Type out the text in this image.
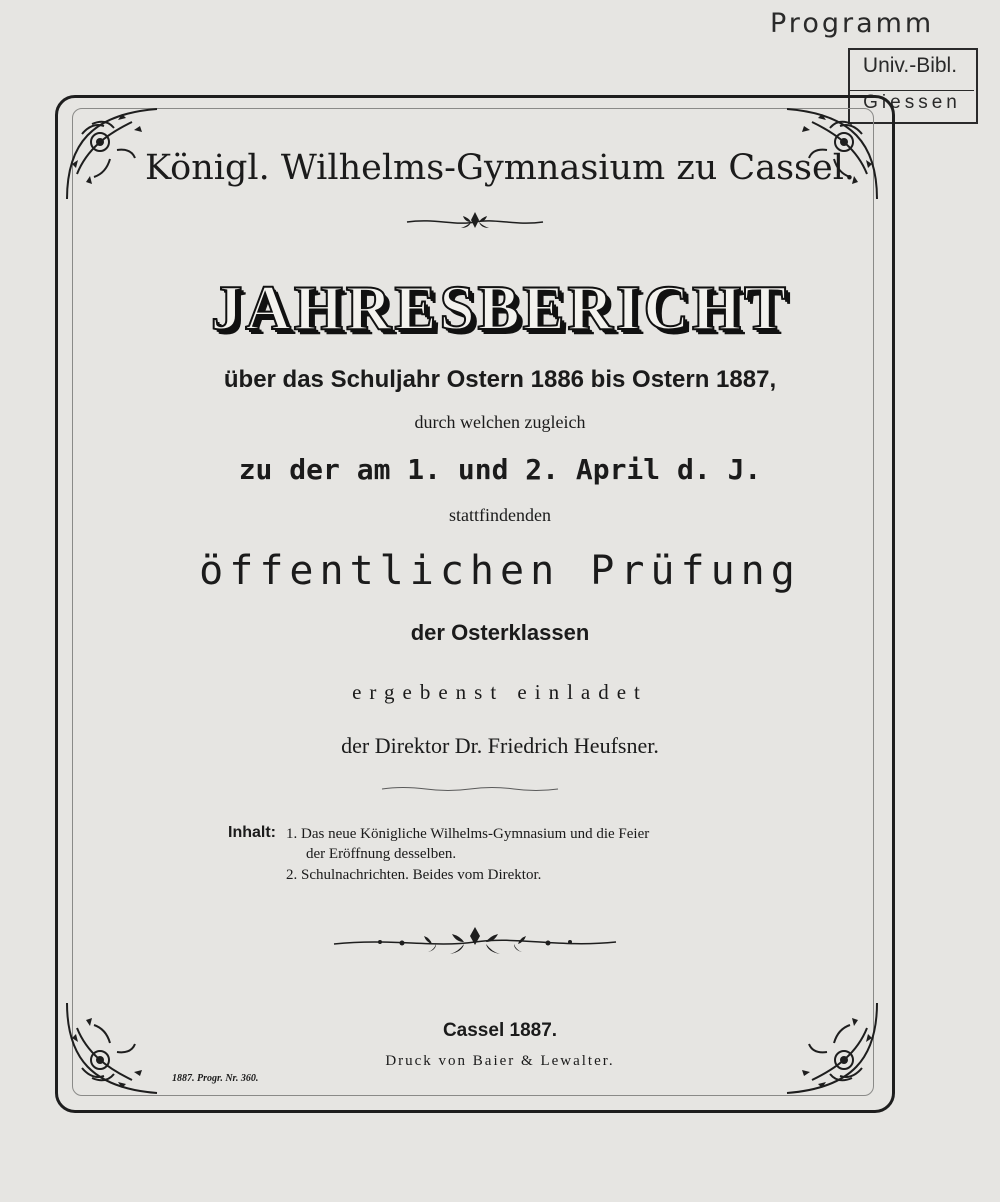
Programm
Univ.-Bibl.
Giessen
Königl. Wilhelms-Gymnasium zu Cassel.
JAHRESBERICHT
über das Schuljahr Ostern 1886 bis Ostern 1887,
durch welchen zugleich
zu der am 1. und 2. April d. J.
stattfindenden
öffentlichen Prüfung
der Osterklassen
ergebenst einladet
der Direktor Dr. Friedrich Heufsner.
Inhalt: 1. Das neue Königliche Wilhelms-Gymnasium und die Feier
der Eröffnung desselben.
2. Schulnachrichten. Beides vom Direktor.
Cassel 1887.
Druck von Baier & Lewalter.
1887. Progr. Nr. 360.
